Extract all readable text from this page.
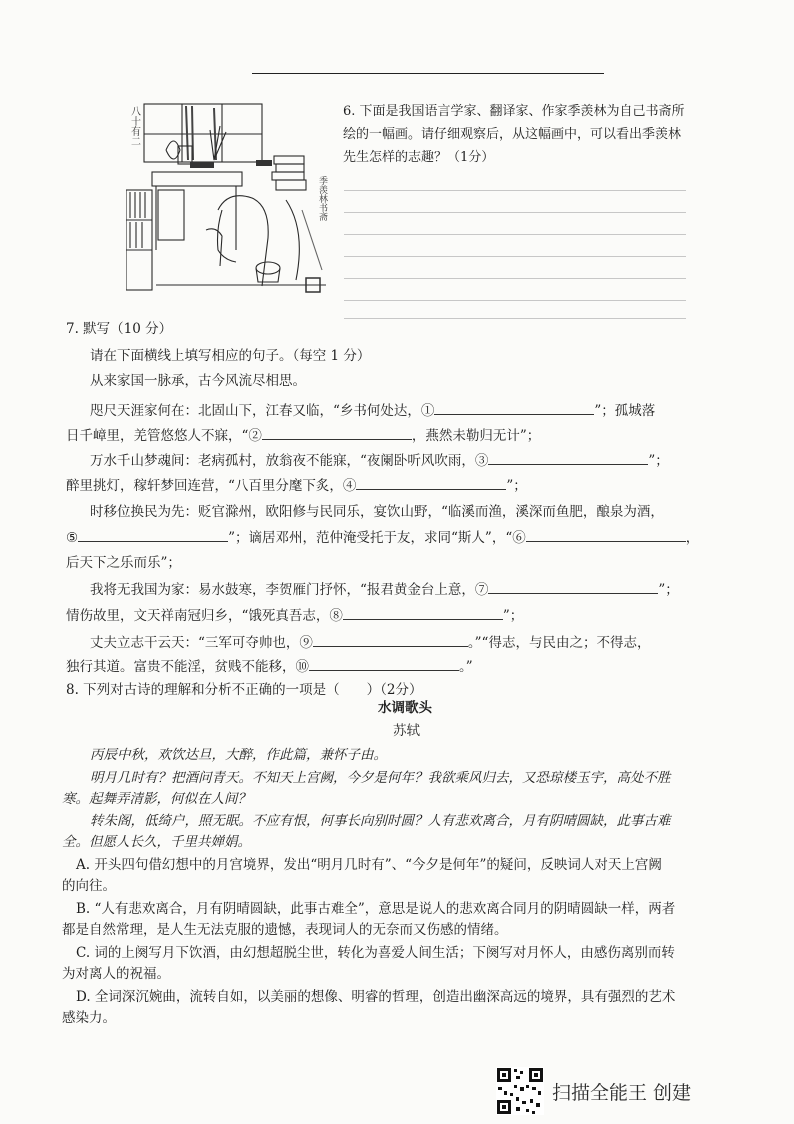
八十有二
季羡林书斋
6. 下面是我国语言学家、翻译家、作家季羡林为自己书斋所绘的一幅画。请仔细观察后，从这幅画中，可以看出季羡林先生怎样的志趣？（1分）
7. 默写（10 分）
请在下面横线上填写相应的句子。（每空 1 分）
从来家国一脉承，古今风流尽相思。
咫尺天涯家何在：北固山下，江春又临，“乡书何处达，①	”；孤城落
日千嶂里，羌管悠悠人不寐，“②	，燕然未勒归无计”；
万水千山梦魂间：老病孤村，放翁夜不能寐，“夜阑卧听风吹雨，③	”；
醉里挑灯，稼轩梦回连营，“八百里分麾下炙，④	”；
时移位换民为先：贬官滁州，欧阳修与民同乐，宴饮山野，“临溪而渔，溪深而鱼肥，酿泉为酒，
⑤	”；谪居邓州，范仲淹受托于友，求同“斯人”，“⑥	，
后天下之乐而乐”；
我将无我国为家：易水鼓寒，李贺雁门抒怀，“报君黄金台上意，⑦	”；
情伤故里，文天祥南冠归乡，“饿死真吾志，⑧	”；
丈夫立志干云天：“三军可夺帅也，⑨	。”“得志，与民由之；不得志，
独行其道。富贵不能淫，贫贱不能移，⑩	。”
8. 下列对古诗的理解和分析不正确的一项是（　　）（2分）
水调歌头
苏轼
丙辰中秋，欢饮达旦，大醉，作此篇，兼怀子由。
明月几时有？把酒问青天。不知天上宫阙，今夕是何年？我欲乘风归去，又恐琼楼玉宇，高处不胜
寒。起舞弄清影，何似在人间？
转朱阁，低绮户，照无眠。不应有恨，何事长向别时圆？人有悲欢离合，月有阴晴圆缺，此事古难
全。但愿人长久，千里共婵娟。
A. 开头四句借幻想中的月宫境界，发出“明月几时有”、“今夕是何年”的疑问，反映词人对天上宫阙
的向往。
B. “人有悲欢离合，月有阴晴圆缺，此事古难全”，意思是说人的悲欢离合同月的阴晴圆缺一样，两者
都是自然常理，是人生无法克服的遗憾，表现词人的无奈而又伤感的情绪。
C. 词的上阕写月下饮酒，由幻想超脱尘世，转化为喜爱人间生活；下阕写对月怀人，由感伤离别而转
为对离人的祝福。
D. 全词深沉婉曲，流转自如，以美丽的想像、明睿的哲理，创造出幽深高远的境界，具有强烈的艺术
感染力。
扫描全能王 创建
